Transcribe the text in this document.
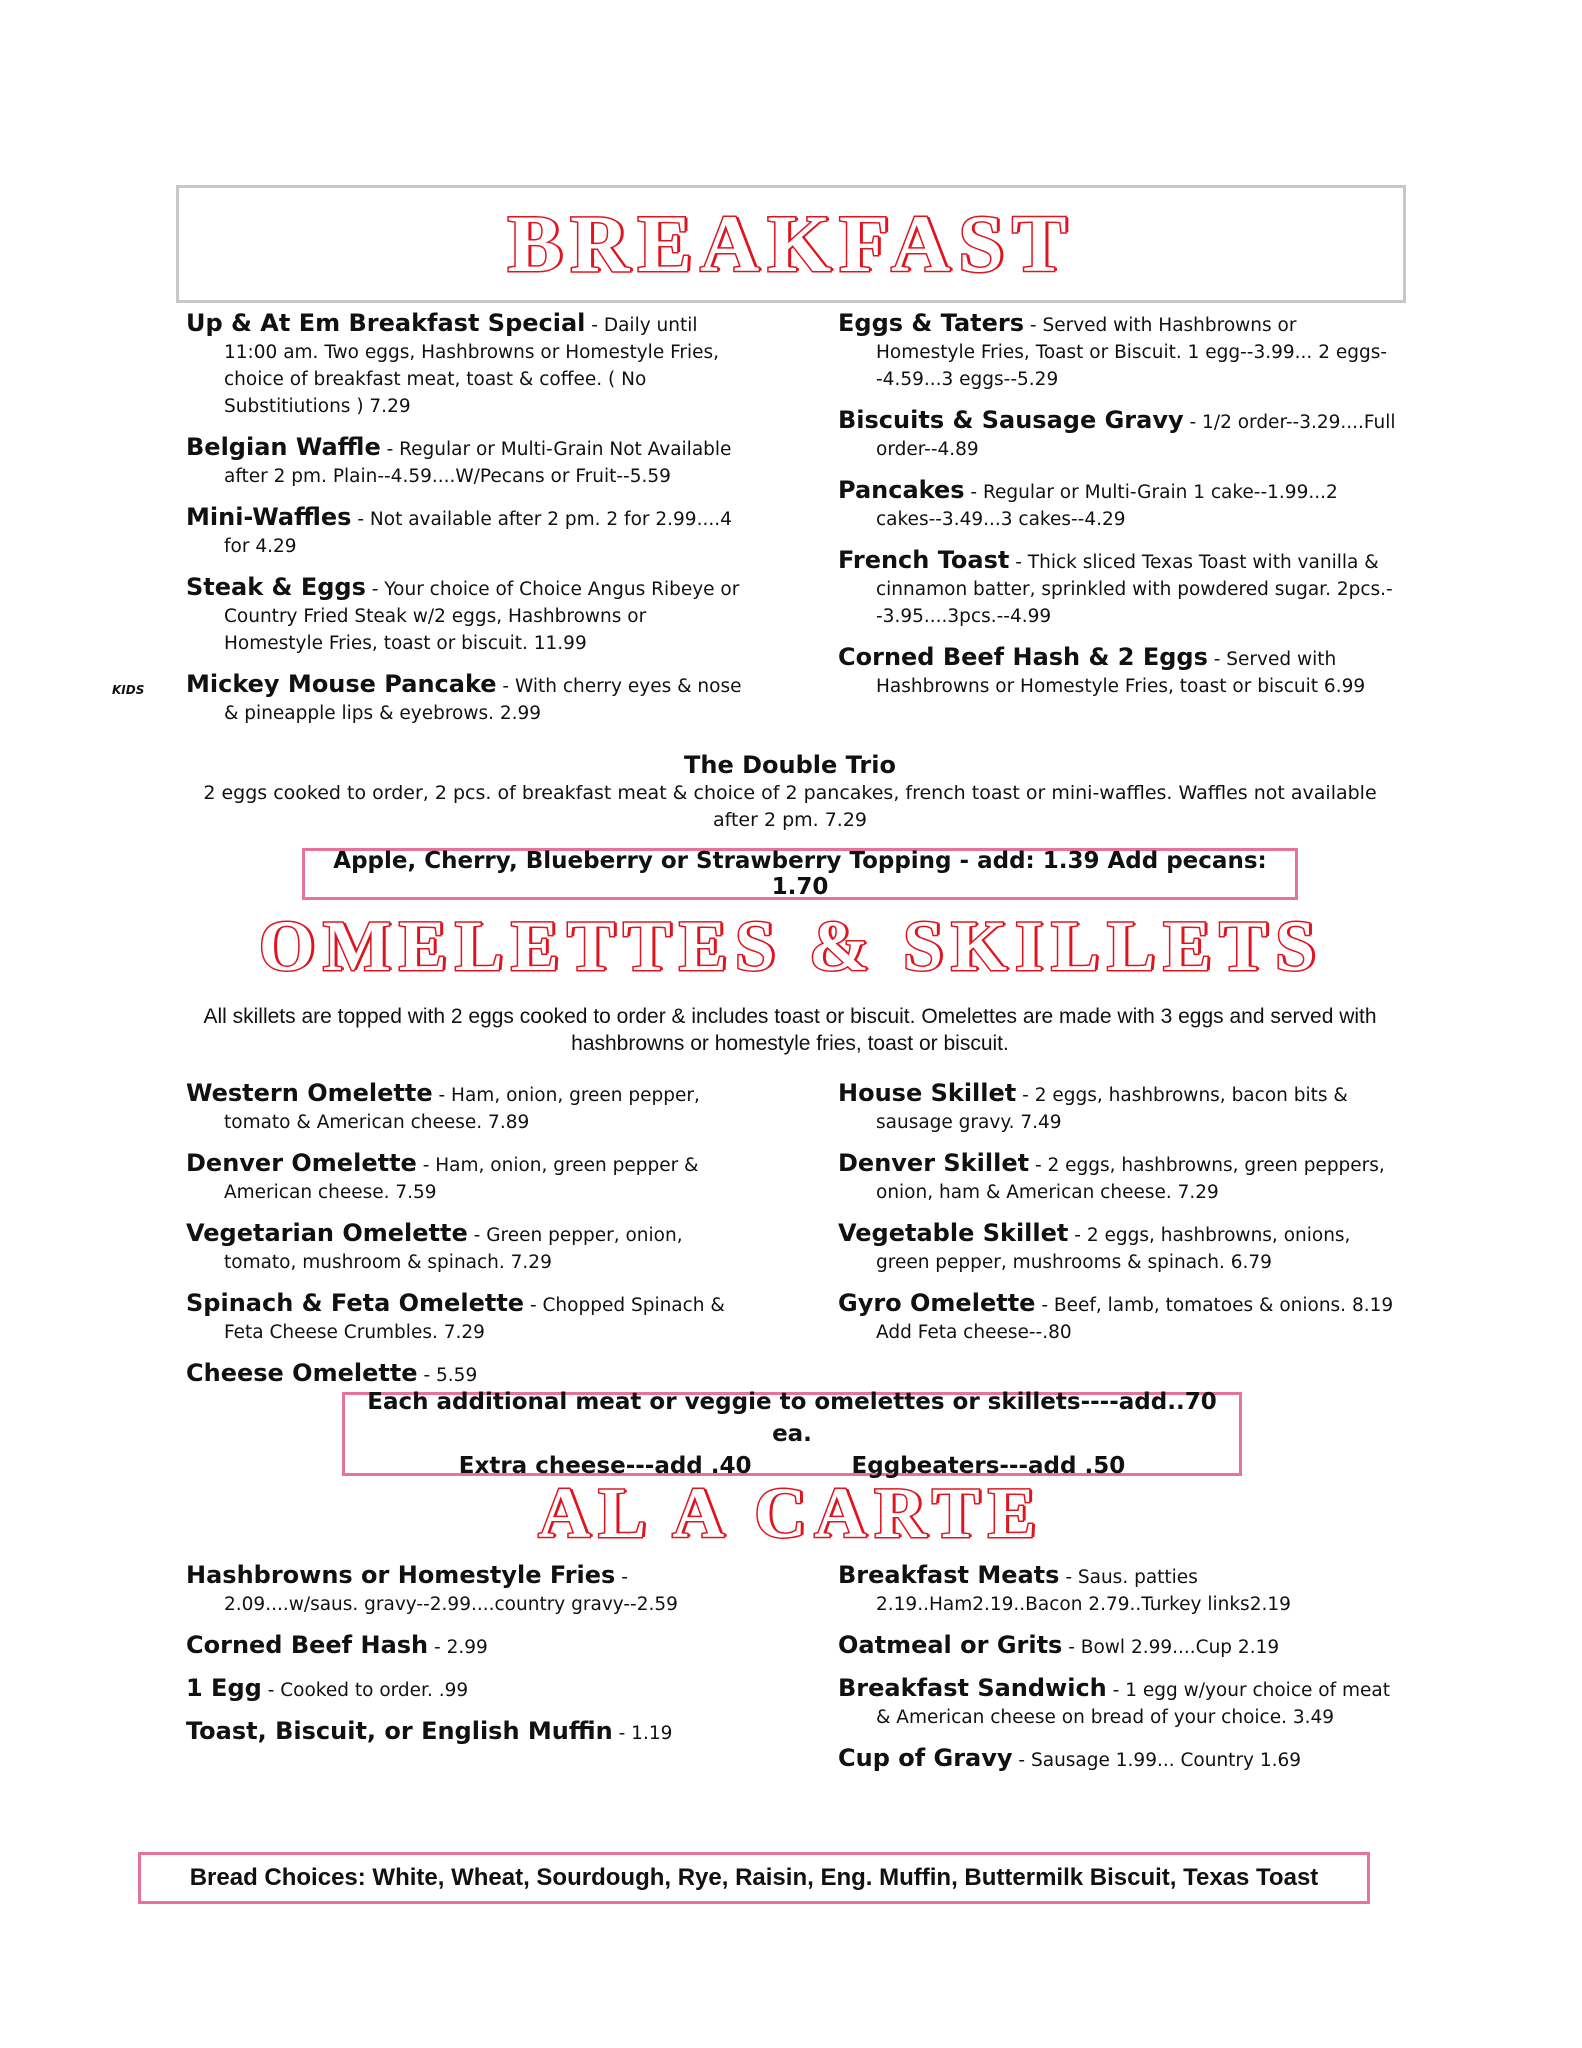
BREAKFAST
Up & At Em Breakfast Special - Daily until 11:00 am. Two eggs, Hashbrowns or Homestyle Fries, choice of breakfast meat, toast & coffee. ( No Substitiutions ) 7.29
Belgian Waffle - Regular or Multi-Grain Not Available after 2 pm. Plain--4.59....W/Pecans or Fruit--5.59
Mini-Waffles - Not available after 2 pm. 2 for 2.99....4 for 4.29
Steak & Eggs - Your choice of Choice Angus Ribeye or Country Fried Steak w/2 eggs, Hashbrowns or Homestyle Fries, toast or biscuit. 11.99
KIDS Mickey Mouse Pancake - With cherry eyes & nose & pineapple lips & eyebrows. 2.99
Eggs & Taters - Served with Hashbrowns or Homestyle Fries, Toast or Biscuit. 1 egg--3.99... 2 eggs--4.59...3 eggs--5.29
Biscuits & Sausage Gravy - 1/2 order--3.29....Full order--4.89
Pancakes - Regular or Multi-Grain 1 cake--1.99...2 cakes--3.49...3 cakes--4.29
French Toast - Thick sliced Texas Toast with vanilla & cinnamon batter, sprinkled with powdered sugar. 2pcs.--3.95....3pcs.--4.99
Corned Beef Hash & 2 Eggs - Served with Hashbrowns or Homestyle Fries, toast or biscuit 6.99
The Double Trio
2 eggs cooked to order, 2 pcs. of breakfast meat & choice of 2 pancakes, french toast or mini-waffles. Waffles not available after 2 pm. 7.29
Apple, Cherry, Blueberry or Strawberry Topping - add: 1.39 Add pecans: 1.70
OMELETTES & SKILLETS
All skillets are topped with 2 eggs cooked to order & includes toast or biscuit. Omelettes are made with 3 eggs and served with hashbrowns or homestyle fries, toast or biscuit.
Western Omelette - Ham, onion, green pepper, tomato & American cheese. 7.89
Denver Omelette - Ham, onion, green pepper & American cheese. 7.59
Vegetarian Omelette - Green pepper, onion, tomato, mushroom & spinach. 7.29
Spinach & Feta Omelette - Chopped Spinach & Feta Cheese Crumbles. 7.29
Cheese Omelette - 5.59
House Skillet - 2 eggs, hashbrowns, bacon bits & sausage gravy. 7.49
Denver Skillet - 2 eggs, hashbrowns, green peppers, onion, ham & American cheese. 7.29
Vegetable Skillet - 2 eggs, hashbrowns, onions, green pepper, mushrooms & spinach. 6.79
Gyro Omelette - Beef, lamb, tomatoes & onions. 8.19 Add Feta cheese--.80
Each additional meat or veggie to omelettes or skillets----add..70 ea.
Extra cheese---add .40	Eggbeaters---add .50
AL A CARTE
Hashbrowns or Homestyle Fries - 2.09....w/saus. gravy--2.99....country gravy--2.59
Corned Beef Hash - 2.99
1 Egg - Cooked to order. .99
Toast, Biscuit, or English Muffin - 1.19
Breakfast Meats - Saus. patties 2.19..Ham2.19..Bacon 2.79..Turkey links2.19
Oatmeal or Grits - Bowl 2.99....Cup 2.19
Breakfast Sandwich - 1 egg w/your choice of meat & American cheese on bread of your choice. 3.49
Cup of Gravy - Sausage 1.99... Country 1.69
Bread Choices: White, Wheat, Sourdough, Rye, Raisin, Eng. Muffin, Buttermilk Biscuit, Texas Toast
